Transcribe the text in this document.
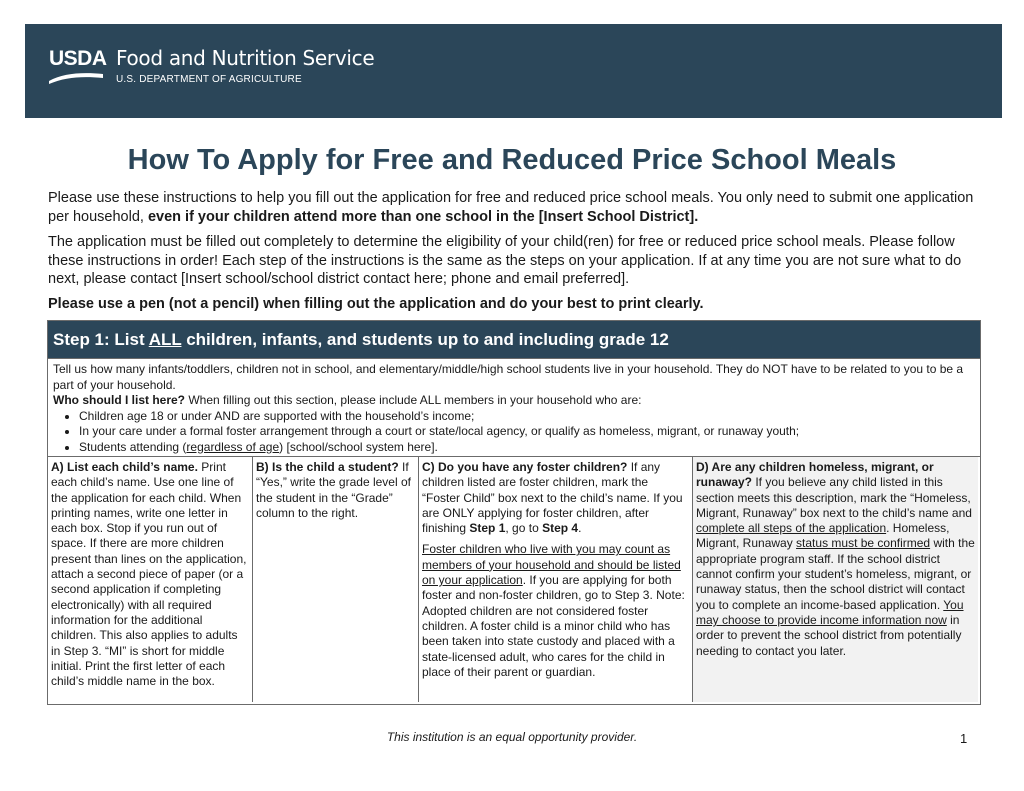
USDA Food and Nutrition Service
U.S. DEPARTMENT OF AGRICULTURE
How To Apply for Free and Reduced Price School Meals

Please use these instructions to help you fill out the application for free and reduced price school meals. You only need to submit one application per household, even if your children attend more than one school in the [Insert School District].

The application must be filled out completely to determine the eligibility of your child(ren) for free or reduced price school meals. Please follow these instructions in order! Each step of the instructions is the same as the steps on your application. If at any time you are not sure what to do next, please contact [Insert school/school district contact here; phone and email preferred].

Please use a pen (not a pencil) when filling out the application and do your best to print clearly.

Step 1: List ALL children, infants, and students up to and including grade 12

Tell us how many infants/toddlers, children not in school, and elementary/middle/high school students live in your household. They do NOT have to be related to you to be a part of your household.

Who should I list here? When filling out this section, please include ALL members in your household who are:

• Children age 18 or under AND are supported with the household’s income;
• In your care under a formal foster arrangement through a court or state/local agency, or qualify as homeless, migrant, or runaway youth;
• Students attending (regardless of age) [school/school system here].
A) List each child’s name. Print each child’s name. Use one line of the application for each child. When printing names, write one letter in each box. Stop if you run out of space. If there are more children present than lines on the application, attach a second piece of paper (or a second application if completing electronically) with all required information for the additional children. This also applies to adults in Step 3. “MI” is short for middle initial. Print the first letter of each child’s middle name in the box.
B) Is the child a student? If “Yes,” write the grade level of the student in the “Grade” column to the right.

C) Do you have any foster children? If any children listed are foster children, mark the “Foster Child” box next to the child’s name. If you are ONLY applying for foster children, after finishing Step 1, go to Step 4.

Foster children who live with you may count as members of your household and should be listed on your application. If you are applying for both foster and non-foster children, go to Step 3. Note: Adopted children are not considered foster children. A foster child is a minor child who has been taken into state custody and placed with a state-licensed adult, who cares for the child in place of their parent or guardian.

D) Are any children homeless, migrant, or runaway? If you believe any child listed in this section meets this description, mark the “Homeless, Migrant, Runaway” box next to the child’s name and complete all steps of the application. Homeless, Migrant, Runaway status must be confirmed with the appropriate program staff. If the school district cannot confirm your student’s homeless, migrant, or runaway status, then the school district will contact you to complete an income-based application. You may choose to provide income information now in order to prevent the school district from potentially needing to contact you later.
This institution is an equal opportunity provider.	1
